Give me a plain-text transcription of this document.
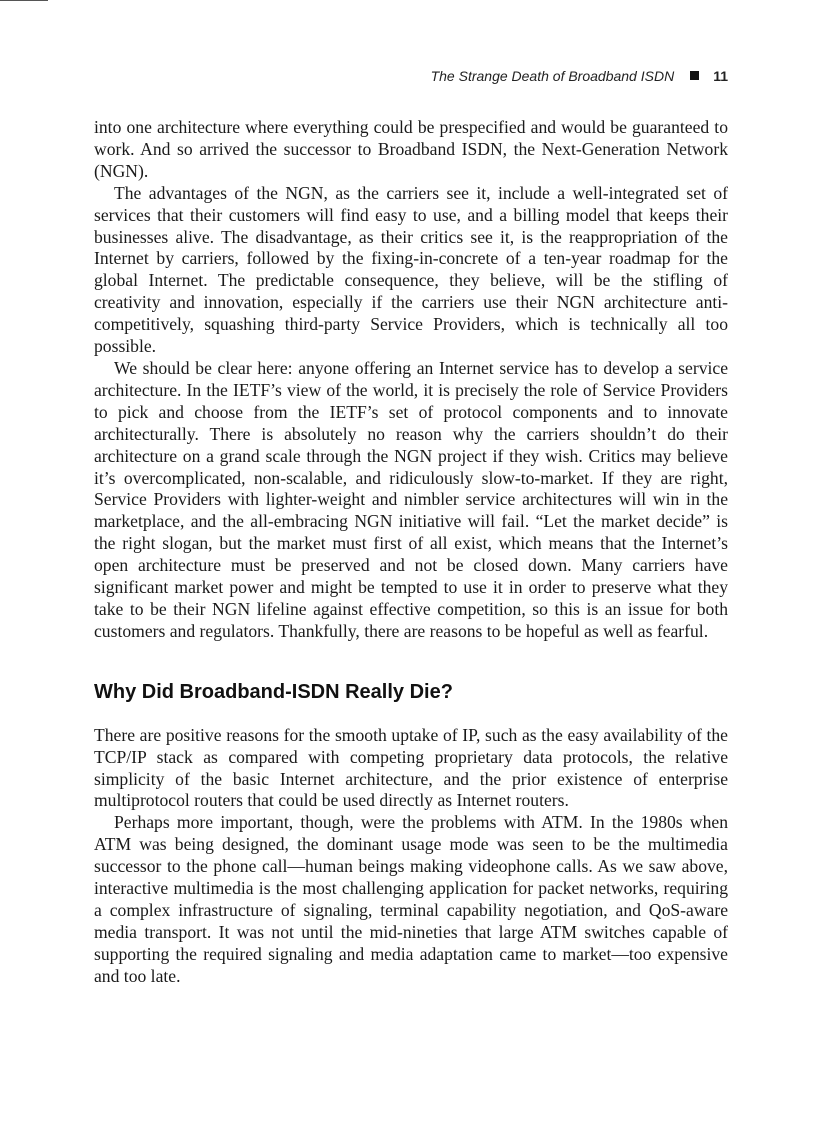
The Strange Death of Broadband ISDN	11

into one architecture where everything could be prespecified and would be guaranteed to work. And so arrived the successor to Broadband ISDN, the Next-Generation Network (NGN).

The advantages of the NGN, as the carriers see it, include a well-integrated set of services that their customers will find easy to use, and a billing model that keeps their businesses alive. The disadvantage, as their critics see it, is the reappropriation of the Internet by carriers, followed by the fixing-in-concrete of a ten-year roadmap for the global Internet. The predictable consequence, they believe, will be the stifling of creativity and innovation, especially if the carriers use their NGN architecture anti-competitively, squashing third-party Service Providers, which is technically all too possible.

We should be clear here: anyone offering an Internet service has to develop a service architecture. In the IETF’s view of the world, it is precisely the role of Service Providers to pick and choose from the IETF’s set of protocol components and to innovate architecturally. There is absolutely no reason why the carriers shouldn’t do their architecture on a grand scale through the NGN project if they wish. Critics may believe it’s overcomplicated, non-scalable, and ridiculously slow-to-market. If they are right, Service Providers with lighter-weight and nimbler service architectures will win in the marketplace, and the all-embracing NGN initiative will fail. “Let the market decide” is the right slogan, but the market must first of all exist, which means that the Internet’s open architecture must be preserved and not be closed down. Many carriers have significant market power and might be tempted to use it in order to preserve what they take to be their NGN lifeline against effective competition, so this is an issue for both customers and regulators. Thankfully, there are reasons to be hopeful as well as fearful.

Why Did Broadband-ISDN Really Die?

There are positive reasons for the smooth uptake of IP, such as the easy availability of the TCP/IP stack as compared with competing proprietary data protocols, the relative simplicity of the basic Internet architecture, and the prior existence of enterprise multiprotocol routers that could be used directly as Internet routers.

Perhaps more important, though, were the problems with ATM. In the 1980s when ATM was being designed, the dominant usage mode was seen to be the multimedia successor to the phone call—human beings making videophone calls. As we saw above, interactive multimedia is the most challenging application for packet networks, requiring a complex infrastructure of signaling, terminal capability negotiation, and QoS-aware media transport. It was not until the mid-nineties that large ATM switches capable of supporting the required signaling and media adaptation came to market—too expensive and too late.
